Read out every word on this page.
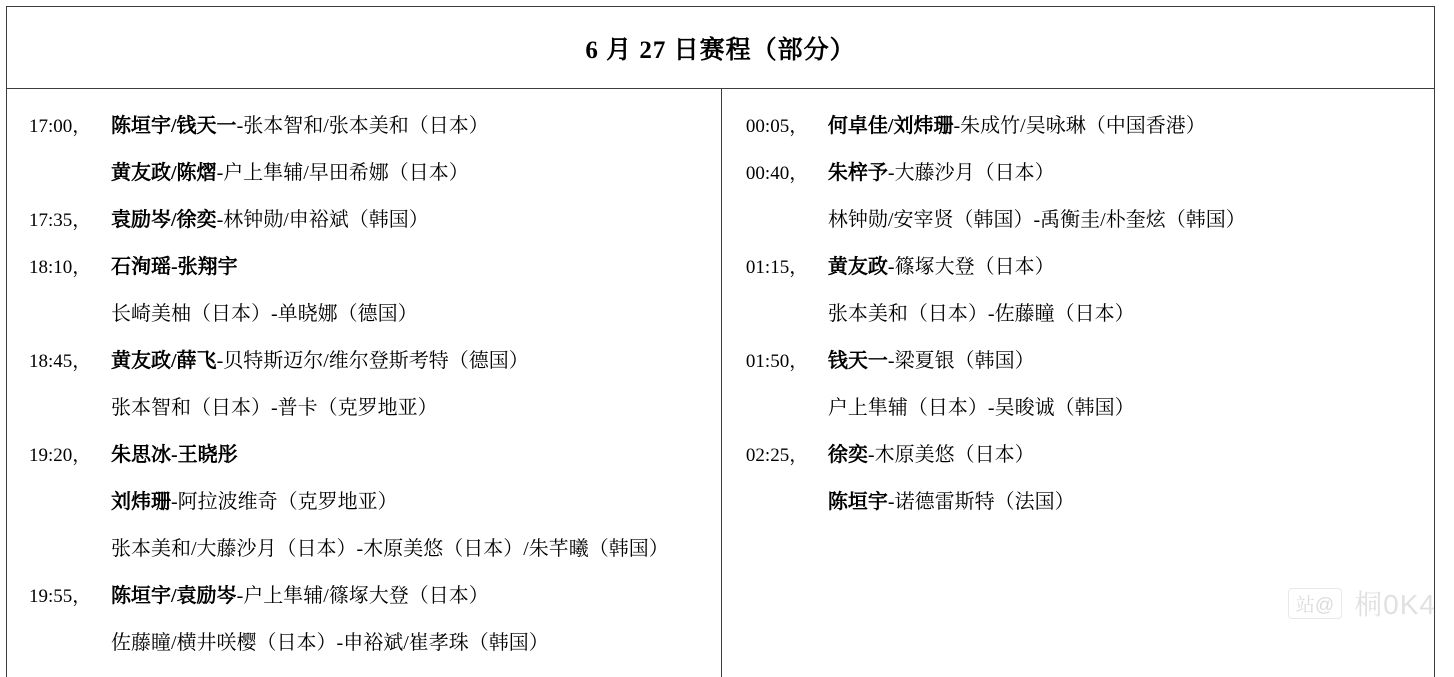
6 月 27 日赛程（部分）
17:00， 陈垣宇/钱天一-张本智和/张本美和（日本）
黄友政/陈熠-户上隼辅/早田希娜（日本）
17:35， 袁励岑/徐奕-林钟勋/申裕斌（韩国）
18:10， 石洵瑶-张翔宇
长崎美柚（日本）-单晓娜（德国）
18:45， 黄友政/薛飞-贝特斯迈尔/维尔登斯考特（德国）
张本智和（日本）-普卡（克罗地亚）
19:20， 朱思冰-王晓彤
刘炜珊-阿拉波维奇（克罗地亚）
张本美和/大藤沙月（日本）-木原美悠（日本）/朱芊曦（韩国）
19:55， 陈垣宇/袁励岑-户上隼辅/篠塚大登（日本）
佐藤瞳/横井咲樱（日本）-申裕斌/崔孝珠（韩国）
00:05， 何卓佳/刘炜珊-朱成竹/吴咏琳（中国香港）
00:40， 朱梓予-大藤沙月（日本）
林钟勋/安宰贤（韩国）-禹衡圭/朴奎炫（韩国）
01:15， 黄友政-篠塚大登（日本）
张本美和（日本）-佐藤瞳（日本）
01:50， 钱天一-梁夏银（韩国）
户上隼辅（日本）-吴晙诚（韩国）
02:25， 徐奕-木原美悠（日本）
陈垣宇-诺德雷斯特（法国）
站@ 桐0K4
